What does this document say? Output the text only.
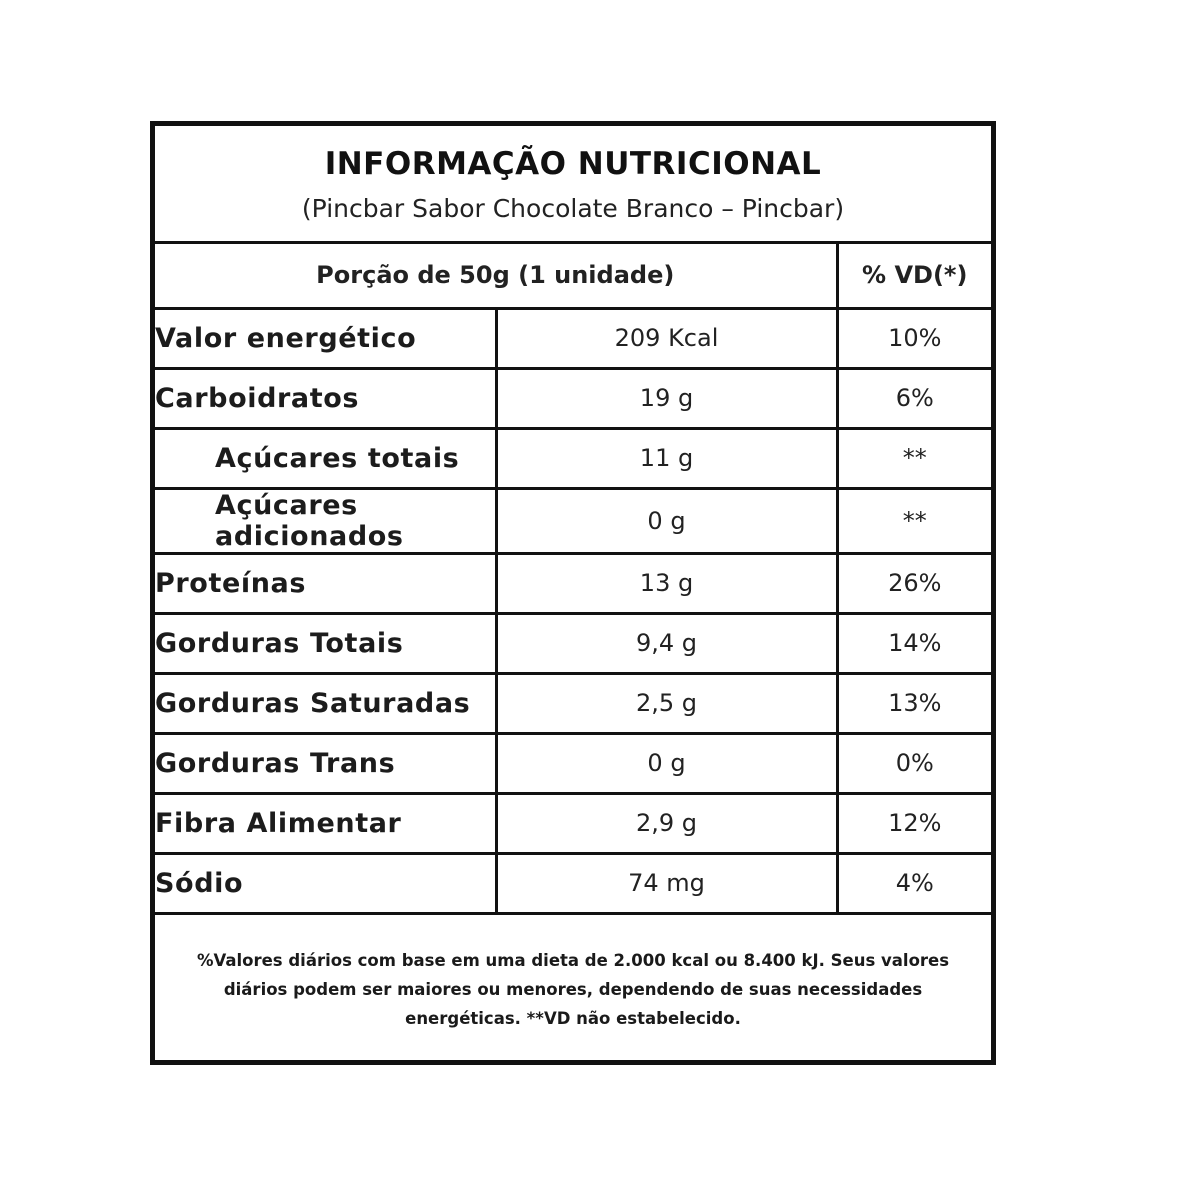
INFORMAÇÃO NUTRICIONAL
(Pincbar Sabor Chocolate Branco – Pincbar)
Porção de 50g (1 unidade)		% VD(*)
Valor energético	209 Kcal	10%
Carboidratos	19 g	6%
Açúcares totais	11 g	**
Açúcares adicionados	0 g	**
Proteínas	13 g	26%
Gorduras Totais	9,4 g	14%
Gorduras Saturadas	2,5 g	13%
Gorduras Trans	0 g	0%
Fibra Alimentar	2,9 g	12%
Sódio	74 mg	4%
%Valores diários com base em uma dieta de 2.000 kcal ou 8.400 kJ. Seus valores diários podem ser maiores ou menores, dependendo de suas necessidades energéticas. **VD não estabelecido.
